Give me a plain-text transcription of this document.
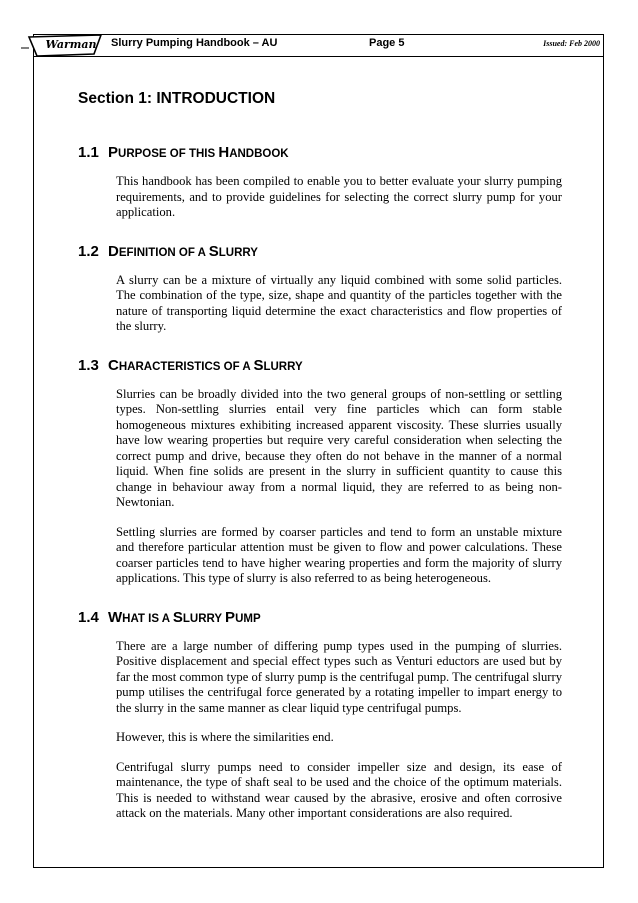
Warman Slurry Pumping Handbook – AU	Page 5	Issued: Feb 2000
Section 1: INTRODUCTION
1.1 PURPOSE OF THIS HANDBOOK

This handbook has been compiled to enable you to better evaluate your slurry pumping requirements, and to provide guidelines for selecting the correct slurry pump for your application.

1.2 DEFINITION OF A SLURRY

A slurry can be a mixture of virtually any liquid combined with some solid particles. The combination of the type, size, shape and quantity of the particles together with the nature of transporting liquid determine the exact characteristics and flow properties of the slurry.

1.3 CHARACTERISTICS OF A SLURRY

Slurries can be broadly divided into the two general groups of non-settling or settling types. Non-settling slurries entail very fine particles which can form stable homogeneous mixtures exhibiting increased apparent viscosity. These slurries usually have low wearing properties but require very careful consideration when selecting the correct pump and drive, because they often do not behave in the manner of a normal liquid. When fine solids are present in the slurry in sufficient quantity to cause this change in behaviour away from a normal liquid, they are referred to as being non-Newtonian.

Settling slurries are formed by coarser particles and tend to form an unstable mixture and therefore particular attention must be given to flow and power calculations. These coarser particles tend to have higher wearing properties and form the majority of slurry applications. This type of slurry is also referred to as being heterogeneous.

1.4 WHAT IS A SLURRY PUMP

There are a large number of differing pump types used in the pumping of slurries. Positive displacement and special effect types such as Venturi eductors are used but by far the most common type of slurry pump is the centrifugal pump. The centrifugal slurry pump utilises the centrifugal force generated by a rotating impeller to impart energy to the slurry in the same manner as clear liquid type centrifugal pumps.

However, this is where the similarities end.

Centrifugal slurry pumps need to consider impeller size and design, its ease of maintenance, the type of shaft seal to be used and the choice of the optimum materials. This is needed to withstand wear caused by the abrasive, erosive and often corrosive attack on the materials. Many other important considerations are also required.
